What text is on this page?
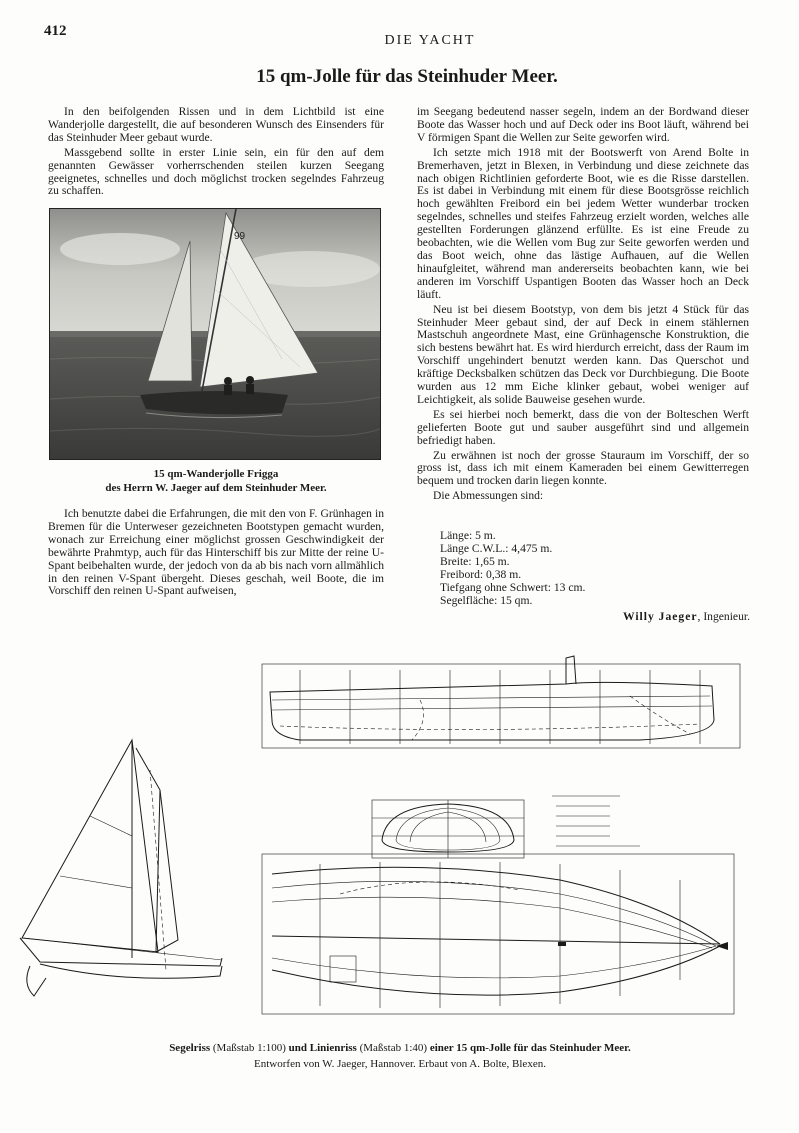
412
DIE YACHT
15 qm-Jolle für das Steinhuder Meer.

In den beifolgenden Rissen und in dem Lichtbild ist eine Wanderjolle dargestellt, die auf besonderen Wunsch des Einsenders für das Steinhuder Meer gebaut wurde.

Massgebend sollte in erster Linie sein, ein für den auf dem genannten Gewässer vorherrschenden steilen kurzen Seegang geeignetes, schnelles und doch möglichst trocken segelndes Fahrzeug zu schaffen.

99
15 qm-Wanderjolle Frigga
des Herrn W. Jaeger auf dem Steinhuder Meer.

Ich benutzte dabei die Erfahrungen, die mit den von F. Grünhagen in Bremen für die Unterweser gezeichneten Bootstypen gemacht wurden, wonach zur Erreichung einer möglichst grossen Geschwindigkeit der bewährte Prahmtyp, auch für das Hinterschiff bis zur Mitte der reine U-Spant beibehalten wurde, der jedoch von da ab bis nach vorn allmählich in den reinen V-Spant übergeht. Dieses geschah, weil Boote, die im Vorschiff den reinen U-Spant aufweisen,

im Seegang bedeutend nasser segeln, indem an der Bordwand dieser Boote das Wasser hoch und auf Deck oder ins Boot läuft, während bei V förmigen Spant die Wellen zur Seite geworfen wird.

Ich setzte mich 1918 mit der Bootswerft von Arend Bolte in Bremerhaven, jetzt in Blexen, in Verbindung und diese zeichnete das nach obigen Richtlinien geforderte Boot, wie es die Risse darstellen. Es ist dabei in Verbindung mit einem für diese Bootsgrösse reichlich hoch gewählten Freibord ein bei jedem Wetter wunderbar trocken segelndes, schnelles und steifes Fahrzeug erzielt worden, welches alle gestellten Forderungen glänzend erfüllte. Es ist eine Freude zu beobachten, wie die Wellen vom Bug zur Seite geworfen werden und das Boot weich, ohne das lästige Aufhauen, auf die Wellen hinaufgleitet, während man andererseits beobachten kann, wie bei anderen im Vorschiff Uspantigen Booten das Wasser hoch an Deck läuft.

Neu ist bei diesem Bootstyp, von dem bis jetzt 4 Stück für das Steinhuder Meer gebaut sind, der auf Deck in einem stählernen Mastschuh angeordnete Mast, eine Grünhagensche Konstruktion, die sich bestens bewährt hat. Es wird hierdurch erreicht, dass der Raum im Vorschiff ungehindert benutzt werden kann. Das Querschot und kräftige Decksbalken schützen das Deck vor Durchbiegung. Die Boote wurden aus 12 mm Eiche klinker gebaut, wobei weniger auf Leichtigkeit, als solide Bauweise gesehen wurde.

Es sei hierbei noch bemerkt, dass die von der Bolteschen Werft gelieferten Boote gut und sauber ausgeführt sind und allgemein befriedigt haben.

Zu erwähnen ist noch der grosse Stauraum im Vorschiff, der so gross ist, dass ich mit einem Kameraden bei einem Gewitterregen bequem und trocken darin liegen konnte.

Die Abmessungen sind:

Länge: 5 m.
Länge C.W.L.: 4,475 m.
Breite: 1,65 m.
Freibord: 0,38 m.
Tiefgang ohne Schwert: 13 cm.
Segelfläche: 15 qm.
Willy Jaeger, Ingenieur.
Segelriss (Maßstab 1:100) und Linienriss (Maßstab 1:40) einer 15 qm-Jolle für das Steinhuder Meer.
Entworfen von W. Jaeger, Hannover. Erbaut von A. Bolte, Blexen.
